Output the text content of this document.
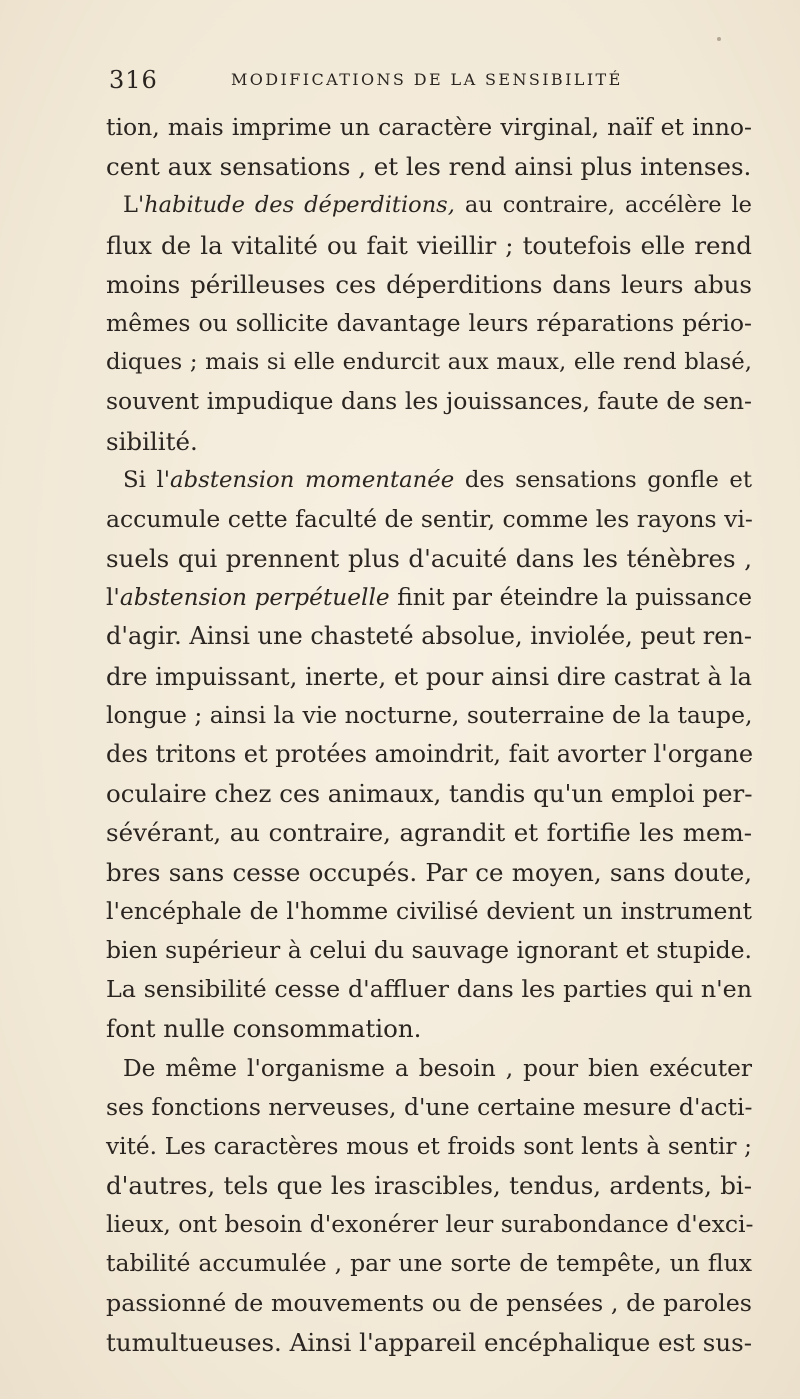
316	MODIFICATIONS DE LA SENSIBILITÉ
tion, mais imprime un caractère virginal, naïf et inno-
cent aux sensations , et les rend ainsi plus intenses.
L'habitude des déperditions, au contraire, accélère le
flux de la vitalité ou fait vieillir ; toutefois elle rend
moins périlleuses ces déperditions dans leurs abus
mêmes ou sollicite davantage leurs réparations pério-
diques ; mais si elle endurcit aux maux, elle rend blasé,
souvent impudique dans les jouissances, faute de sen-
sibilité.
Si l'abstension momentanée des sensations gonfle et
accumule cette faculté de sentir, comme les rayons vi-
suels qui prennent plus d'acuité dans les ténèbres ,
l'abstension perpétuelle finit par éteindre la puissance
d'agir. Ainsi une chasteté absolue, inviolée, peut ren-
dre impuissant, inerte, et pour ainsi dire castrat à la
longue ; ainsi la vie nocturne, souterraine de la taupe,
des tritons et protées amoindrit, fait avorter l'organe
oculaire chez ces animaux, tandis qu'un emploi per-
sévérant, au contraire, agrandit et fortifie les mem-
bres sans cesse occupés. Par ce moyen, sans doute,
l'encéphale de l'homme civilisé devient un instrument
bien supérieur à celui du sauvage ignorant et stupide.
La sensibilité cesse d'affluer dans les parties qui n'en
font nulle consommation.
De même l'organisme a besoin , pour bien exécuter
ses fonctions nerveuses, d'une certaine mesure d'acti-
vité. Les caractères mous et froids sont lents à sentir ;
d'autres, tels que les irascibles, tendus, ardents, bi-
lieux, ont besoin d'exonérer leur surabondance d'exci-
tabilité accumulée , par une sorte de tempête, un flux
passionné de mouvements ou de pensées , de paroles
tumultueuses. Ainsi l'appareil encéphalique est sus-
